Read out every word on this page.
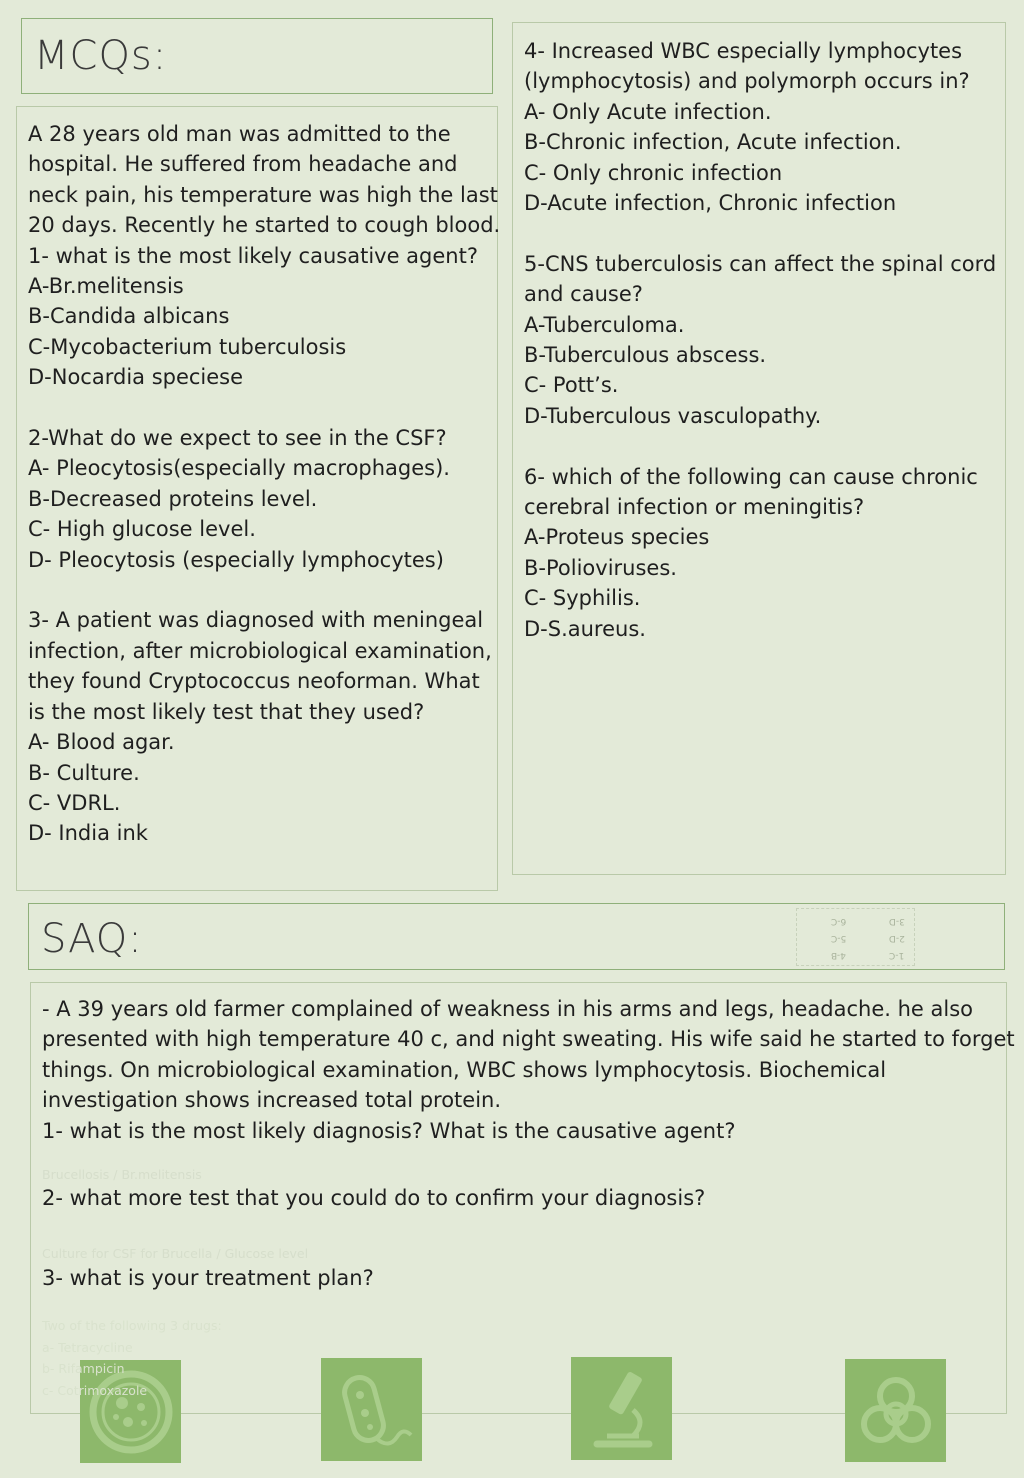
MCQs:
A 28 years old man was admitted to the
hospital. He suffered from headache and
neck pain, his temperature was high the last
20 days. Recently he started to cough blood.
1- what is the most likely causative agent?
A-Br.melitensis
B-Candida albicans
C-Mycobacterium tuberculosis
D-Nocardia speciese
2-What do we expect to see in the CSF?
A- Pleocytosis(especially macrophages).
B-Decreased proteins level.
C- High glucose level.
D- Pleocytosis (especially lymphocytes)
3- A patient was diagnosed with meningeal
infection, after microbiological examination,
they found Cryptococcus neoforman. What
is the most likely test that they used?
A- Blood agar.
B- Culture.
C- VDRL.
D- India ink
4- Increased WBC especially lymphocytes
(lymphocytosis) and polymorph occurs in?
A- Only Acute infection.
B-Chronic infection, Acute infection.
C- Only chronic infection
D-Acute infection, Chronic infection
5-CNS tuberculosis can affect the spinal cord
and cause?
A-Tuberculoma.
B-Tuberculous abscess.
C- Pott’s.
D-Tuberculous vasculopathy.
6- which of the following can cause chronic
cerebral infection or meningitis?
A-Proteus species
B-Polioviruses.
C- Syphilis.
D-S.aureus.
SAQ:	6-C
5-C
4-B
3-D
2-D
1-C
- A 39 years old farmer complained of weakness in his arms and legs, headache. he also
presented with high temperature 40 c, and night sweating. His wife said he started to forget
things. On microbiological examination, WBC shows lymphocytosis. Biochemical
investigation shows increased total protein.
1- what is the most likely diagnosis? What is the causative agent?
Brucellosis / Br.melitensis
2- what more test that you could do to confirm your diagnosis?
Culture for CSF for Brucella / Glucose level
3- what is your treatment plan?
Two of the following 3 drugs:
a- Tetracycline
b- Rifampicin
c- Cotrimoxazole
